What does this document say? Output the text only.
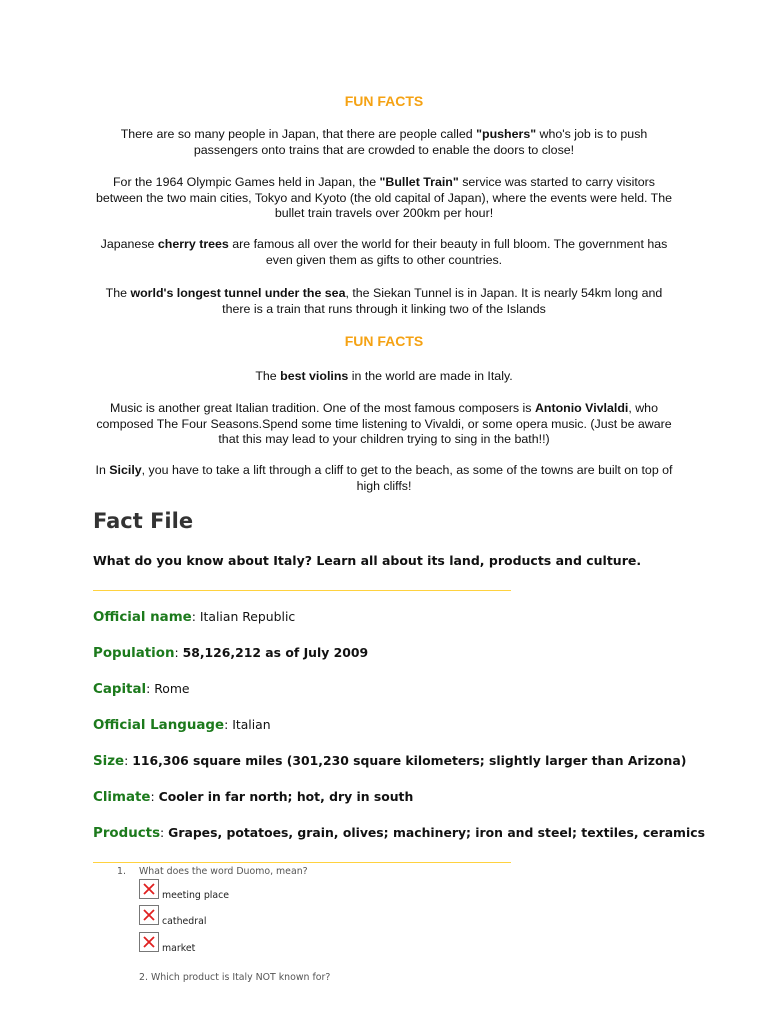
FUN FACTS
There are so many people in Japan, that there are people called "pushers" who's job is to push passengers onto trains that are crowded to enable the doors to close!
For the 1964 Olympic Games held in Japan, the "Bullet Train" service was started to carry visitors between the two main cities, Tokyo and Kyoto (the old capital of Japan), where the events were held. The bullet train travels over 200km per hour!
Japanese cherry trees are famous all over the world for their beauty in full bloom. The government has even given them as gifts to other countries.
The world's longest tunnel under the sea, the Siekan Tunnel is in Japan. It is nearly 54km long and there is a train that runs through it linking two of the Islands
FUN FACTS
The best violins in the world are made in Italy.
Music is another great Italian tradition. One of the most famous composers is Antonio Vivlaldi, who composed The Four Seasons.Spend some time listening to Vivaldi, or some opera music. (Just be aware that this may lead to your children trying to sing in the bath!!)
In Sicily, you have to take a lift through a cliff to get to the beach, as some of the towns are built on top of high cliffs!
Fact File
What do you know about Italy? Learn all about its land, products and culture.
Official name: Italian Republic
Population: 58,126,212 as of July 2009
Capital: Rome
Official Language: Italian
Size: 116,306 square miles (301,230 square kilometers; slightly larger than Arizona)
Climate: Cooler in far north; hot, dry in south
Products: Grapes, potatoes, grain, olives; machinery; iron and steel; textiles, ceramics
1. What does the word Duomo, mean?
meeting place
cathedral
market
2. Which product is Italy NOT known for?
